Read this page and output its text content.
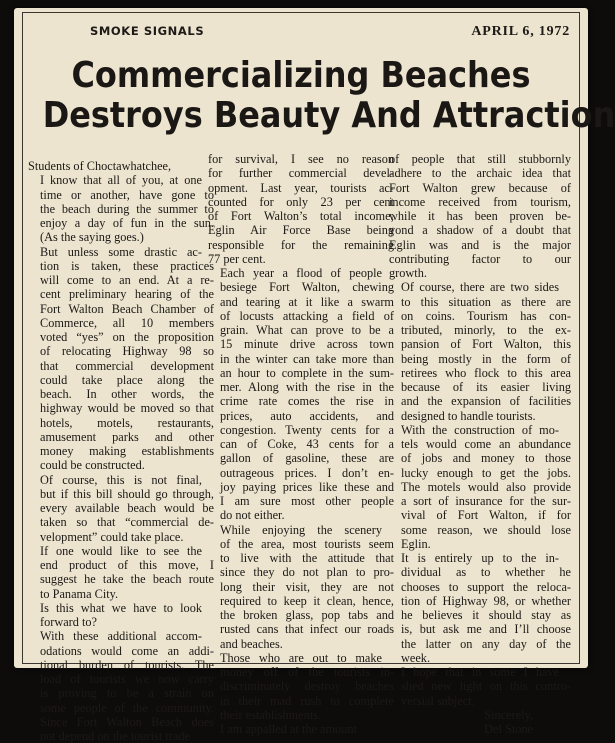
SMOKE SIGNALS	APRIL 6, 1972
Commercializing Beaches
Destroys Beauty And Attraction

Students of Choctawhatchee,

I know that all of you, at one
time or another, have gone to
the beach during the summer to
enjoy a day of fun in the sun.
(As the saying goes.)

But unless some drastic ac-
tion is taken, these practices
will come to an end. At a re-
cent preliminary hearing of the
Fort Walton Beach Chamber of
Commerce, all 10 members
voted “yes” on the proposition
of relocating Highway 98 so
that commercial development
could take place along the
beach. In other words, the
highway would be moved so that
hotels, motels, restaurants,
amusement parks and other
money making establishments
could be constructed.

Of course, this is not final,
but if this bill should go through,
every available beach would be
taken so that “commercial de-
velopment” could take place.

If one would like to see the
end product of this move, I
suggest he take the beach route
to Panama City.

Is this what we have to look
forward to?

With these additional accom-
odations would come an addi-
tional burden of tourists. The
load of tourists we now carry
is proving to be a strain on
some people of the community.
Since Fort Walton Beach does
not depend on the tourist trade

for survival, I see no reason
for further commercial devel-
opment. Last year, tourists ac-
counted for only 23 per cent
of Fort Walton’s total income;
Eglin Air Force Base being
responsible for the remaining
77 per cent.

Each year a flood of people
besiege Fort Walton, chewing
and tearing at it like a swarm
of locusts attacking a field of
grain. What can prove to be a
15 minute drive across town
in the winter can take more than
an hour to complete in the sum-
mer. Along with the rise in the
crime rate comes the rise in
prices, auto accidents, and
congestion. Twenty cents for a
can of Coke, 43 cents for a
gallon of gasoline, these are
outrageous prices. I don’t en-
joy paying prices like these and
I am sure most other people
do not either.

While enjoying the scenery
of the area, most tourists seem
to live with the attitude that
since they do not plan to pro-
long their visit, they are not
required to keep it clean, hence,
the broken glass, pop tabs and
rusted cans that infect our roads
and beaches.

Those who are out to make
money off of the tourists in-
discriminately destroy beaches
in their mad rush to complete
their establishments.

I am appalled at the amount

of people that still stubbornly
adhere to the archaic idea that
Fort Walton grew because of
income received from tourism,
while it has been proven be-
yond a shadow of a doubt that
Eglin was and is the major
contributing factor to our
growth.

Of course, there are two sides
to this situation as there are
on coins. Tourism has con-
tributed, minorly, to the ex-
pansion of Fort Walton, this
being mostly in the form of
retirees who flock to this area
because of its easier living
and the expansion of facilities
designed to handle tourists.

With the construction of mo-
tels would come an abundance
of jobs and money to those
lucky enough to get the jobs.
The motels would also provide
a sort of insurance for the sur-
vival of Fort Walton, if for
some reason, we should lose
Eglin.

It is entirely up to the in-
dividual as to whether he
chooses to support the reloca-
tion of Highway 98, or whether
he believes it should stay as
is, but ask me and I’ll choose
the latter on any day of the
week.

I hope that in some I have
shed new light on this contro-
versial subject.

Sincerely,
Del Stone
